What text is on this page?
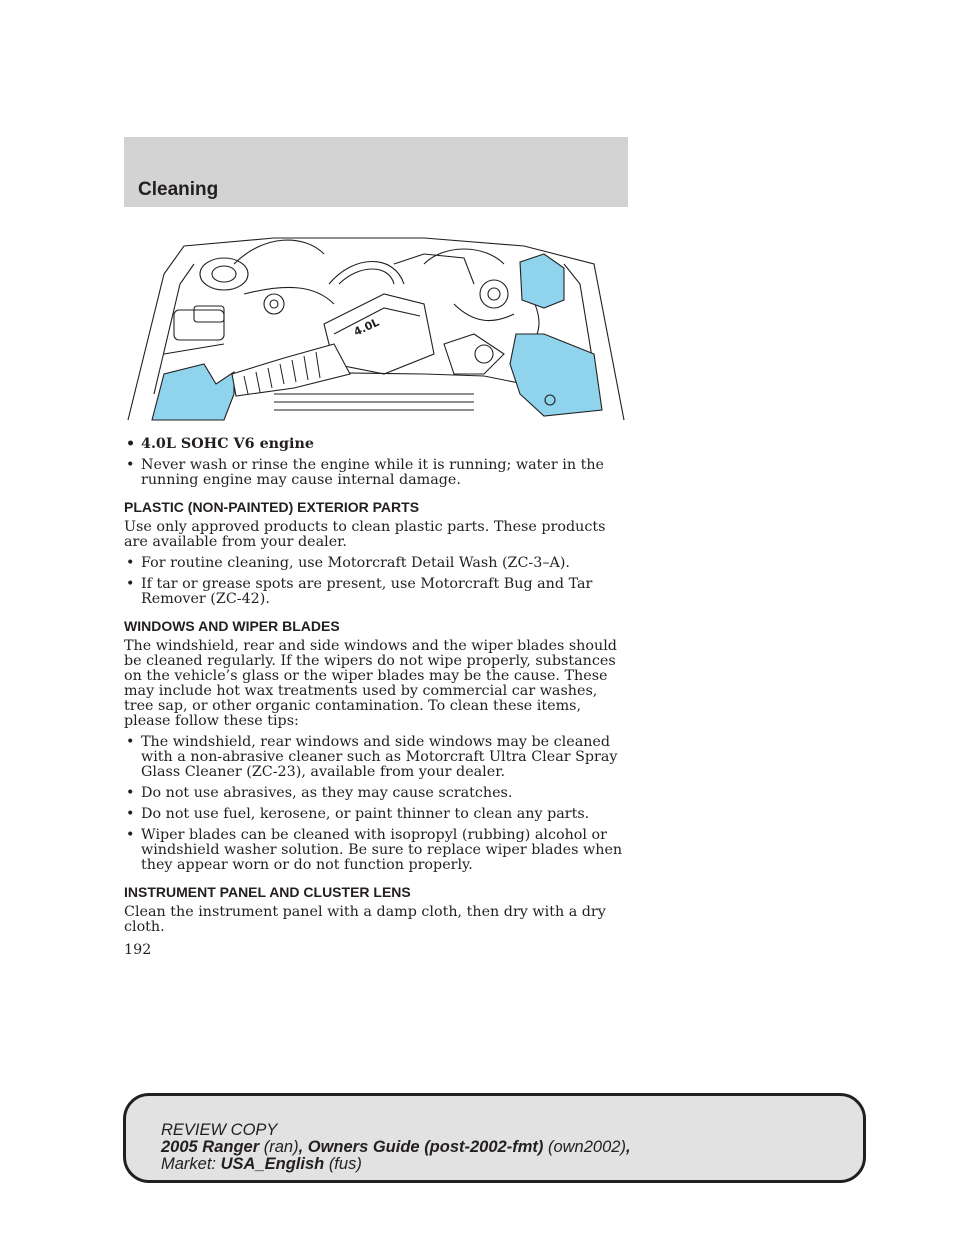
Cleaning
4.0L
• 4.0L SOHC V6 engine
• Never wash or rinse the engine while it is running; water in the running engine may cause internal damage.
PLASTIC (NON-PAINTED) EXTERIOR PARTS

Use only approved products to clean plastic parts. These products are available from your dealer.

• For routine cleaning, use Motorcraft Detail Wash (ZC-3–A).
• If tar or grease spots are present, use Motorcraft Bug and Tar Remover (ZC-42).
WINDOWS AND WIPER BLADES

The windshield, rear and side windows and the wiper blades should be cleaned regularly. If the wipers do not wipe properly, substances on the vehicle’s glass or the wiper blades may be the cause. These may include hot wax treatments used by commercial car washes, tree sap, or other organic contamination. To clean these items, please follow these tips:

• The windshield, rear windows and side windows may be cleaned with a non-abrasive cleaner such as Motorcraft Ultra Clear Spray Glass Cleaner (ZC-23), available from your dealer.
• Do not use abrasives, as they may cause scratches.
• Do not use fuel, kerosene, or paint thinner to clean any parts.
• Wiper blades can be cleaned with isopropyl (rubbing) alcohol or windshield washer solution. Be sure to replace wiper blades when they appear worn or do not function properly.
INSTRUMENT PANEL AND CLUSTER LENS

Clean the instrument panel with a damp cloth, then dry with a dry cloth.

192
REVIEW COPY
2005 Ranger (ran), Owners Guide (post-2002-fmt) (own2002),
Market: USA_English (fus)
